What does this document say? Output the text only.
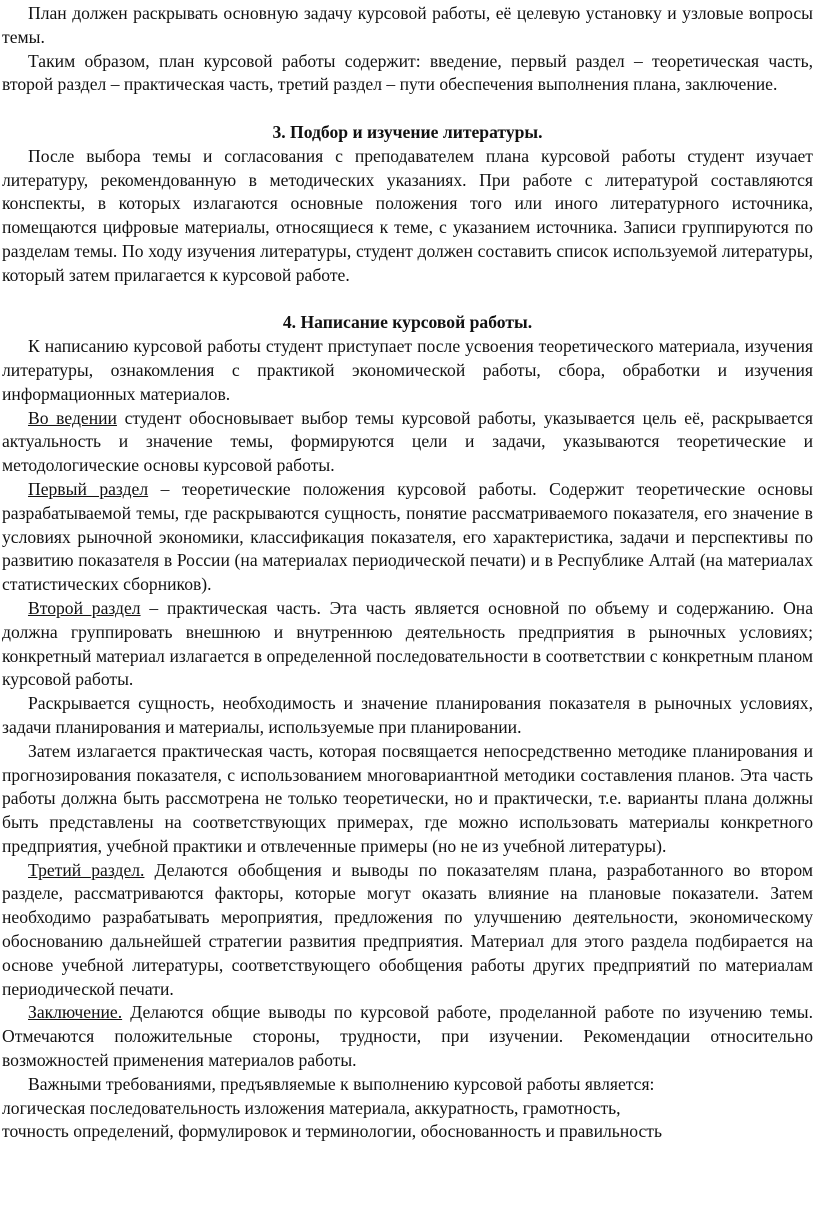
План должен раскрывать основную задачу курсовой работы, её целевую установку и узловые вопросы темы.

Таким образом, план курсовой работы содержит: введение, первый раздел – теоретическая часть, второй раздел – практическая часть, третий раздел – пути обеспечения выполнения плана, заключение.

3. Подбор и изучение литературы.

После выбора темы и согласования с преподавателем плана курсовой работы студент изучает литературу, рекомендованную в методических указаниях. При работе с литературой составляются конспекты, в которых излагаются основные положения того или иного литературного источника, помещаются цифровые материалы, относящиеся к теме, с указанием источника. Записи группируются по разделам темы. По ходу изучения литературы, студент должен составить список используемой литературы, который затем прилагается к курсовой работе.

4. Написание курсовой работы.

К написанию курсовой работы студент приступает после усвоения теоретического материала, изучения литературы, ознакомления с практикой экономической работы, сбора, обработки и изучения информационных материалов.

Во ведении студент обосновывает выбор темы курсовой работы, указывается цель её, раскрывается актуальность и значение темы, формируются цели и задачи, указываются теоретические и методологические основы курсовой работы.

Первый раздел – теоретические положения курсовой работы. Содержит теоретические основы разрабатываемой темы, где раскрываются сущность, понятие рассматриваемого показателя, его значение в условиях рыночной экономики, классификация показателя, его характеристика, задачи и перспективы по развитию показателя в России (на материалах периодической печати) и в Республике Алтай (на материалах статистических сборников).

Второй раздел – практическая часть. Эта часть является основной по объему и содержанию. Она должна группировать внешнюю и внутреннюю деятельность предприятия в рыночных условиях; конкретный материал излагается в определенной последовательности в соответствии с конкретным планом курсовой работы.

Раскрывается сущность, необходимость и значение планирования показателя в рыночных условиях, задачи планирования и материалы, используемые при планировании.

Затем излагается практическая часть, которая посвящается непосредственно методике планирования и прогнозирования показателя, с использованием многовариантной методики составления планов. Эта часть работы должна быть рассмотрена не только теоретически, но и практически, т.е. варианты плана должны быть представлены на соответствующих примерах, где можно использовать материалы конкретного предприятия, учебной практики и отвлеченные примеры (но не из учебной литературы).

Третий раздел. Делаются обобщения и выводы по показателям плана, разработанного во втором разделе, рассматриваются факторы, которые могут оказать влияние на плановые показатели. Затем необходимо разрабатывать мероприятия, предложения по улучшению деятельности, экономическому обоснованию дальнейшей стратегии развития предприятия. Материал для этого раздела подбирается на основе учебной литературы, соответствующего обобщения работы других предприятий по материалам периодической печати.

Заключение. Делаются общие выводы по курсовой работе, проделанной работе по изучению темы. Отмечаются положительные стороны, трудности, при изучении. Рекомендации относительно возможностей применения материалов работы.

Важными требованиями, предъявляемые к выполнению курсовой работы является:

логическая последовательность изложения материала, аккуратность, грамотность,
точность определений, формулировок и терминологии, обоснованность и правильность
